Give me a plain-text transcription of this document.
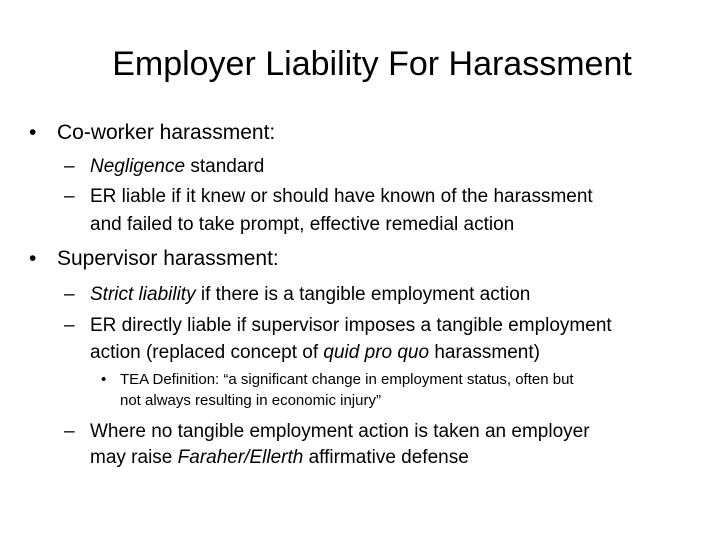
Employer Liability For Harassment
• Co-worker harassment:
– Negligence standard
– ER liable if it knew or should have known of the harassment
and failed to take prompt, effective remedial action
• Supervisor harassment:
– Strict liability if there is a tangible employment action
– ER directly liable if supervisor imposes a tangible employment
action (replaced concept of quid pro quo harassment)
• TEA Definition: “a significant change in employment status, often but
not always resulting in economic injury”
– Where no tangible employment action is taken an employer
may raise Faraher/Ellerth affirmative defense
